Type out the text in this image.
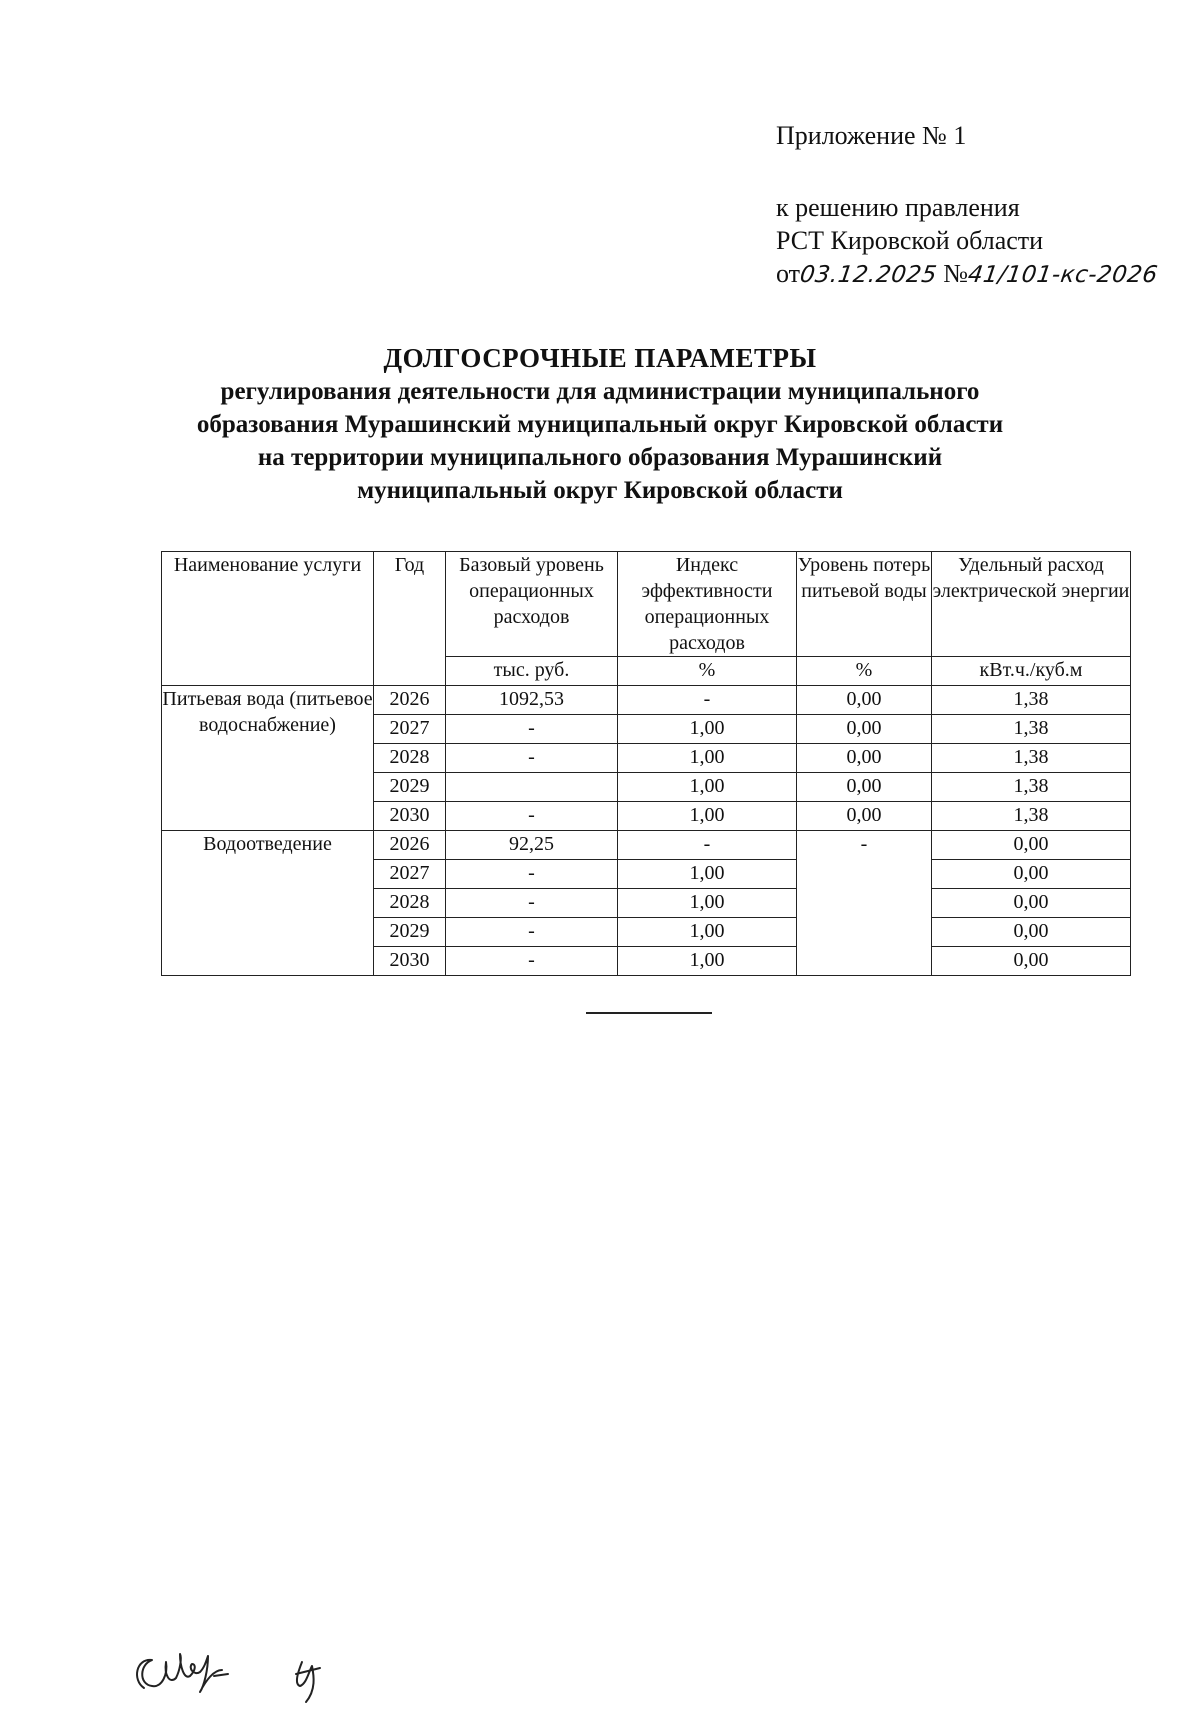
Приложение № 1
к решению правления
РСТ Кировской области
от03.12.2025 №41/101-кс-2026
ДОЛГОСРОЧНЫЕ ПАРАМЕТРЫ
регулирования деятельности для администрации муниципального
образования Мурашинский муниципальный округ Кировской области
на территории муниципального образования Мурашинский
муниципальный округ Кировской области
Наименование услуги	Год	Базовый уровень операционных расходов	Индекс эффективности операционных расходов	Уровень потерь питьевой воды	Удельный расход электрической энергии
		тыс. руб.	%	%	кВт.ч./куб.м
Питьевая вода (питьевое водоснабжение)	2026	1092,53	-	0,00	1,38
	2027	-	1,00	0,00	1,38
	2028	-	1,00	0,00	1,38
	2029		1,00	0,00	1,38
	2030	-	1,00	0,00	1,38
Водоотведение	2026	92,25	-	-	0,00
	2027	-	1,00		0,00
	2028	-	1,00		0,00
	2029	-	1,00		0,00
	2030	-	1,00		0,00
